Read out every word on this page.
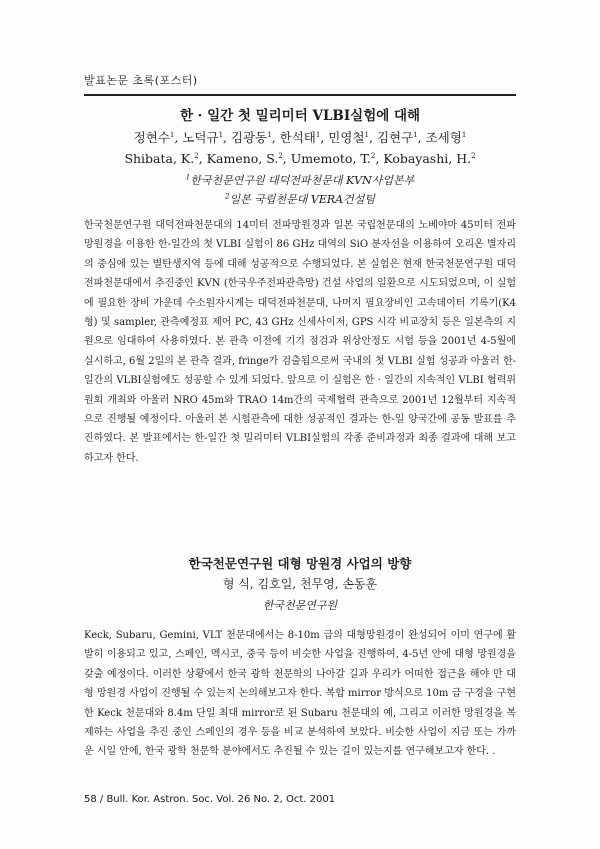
발표논문 초록(포스터)
한 · 일간 첫 밀리미터 VLBI실험에 대해
정현수$^1$, 노덕규$^1$, 김광동$^1$, 한석태$^1$, 민영철$^1$, 김현구$^1$, 조세형$^1$
Shibata, K.$^2$, Kameno, S.$^2$, Umemoto, T.$^2$, Kobayashi, H.$^2$
$^1$한국천문연구원 대덕전파천문대 KVN사업본부
$^2$일본 국립천문대 VERA건설팀

한국천문연구원 대덕전파천문대의 14미터 전파망원경과 일본 국립천문대의 노베야마 45미터 전파망원경을 이용한 한-일간의 첫 VLBI 실험이 86 GHz 대역의 SiO 분자선을 이용하여 오리온 별자리의 중심에 있는 별탄생지역 등에 대해 성공적으로 수행되었다. 본 실험은 현재 한국천문연구원 대덕전파천문대에서 추진중인 KVN (한국우주전파관측망) 건설 사업의 일환으로 시도되었으며, 이 실험에 필요한 장비 가운데 수소원자시계는 대덕전파천문대, 나머지 필요장비인 고속데이터 기록기(K4형) 및 sampler, 관측예정표 제어 PC, 43 GHz 신세사이저, GPS 시각 비교장치 등은 일본측의 지원으로 임대하여 사용하였다. 본 관측 이전에 기기 점검과 위상안정도 시험 등을 2001년 4-5월에 실시하고, 6월 2일의 본 관측 결과, fringe가 검출됨으로써 국내의 첫 VLBI 실험 성공과 아울러 한-일간의 VLBI실험에도 성공할 수 있게 되었다. 앞으로 이 실험은 한 · 일간의 지속적인 VLBI 협력위원회 개최와 아울러 NRO 45m와 TRAO 14m간의 국제협력 관측으로 2001년 12월부터 지속적으로 진행될 예정이다. 아울러 본 시험관측에 대한 성공적인 결과는 한-일 양국간에 공동 발표를 추진하였다. 본 발표에서는 한-일간 첫 밀리미터 VLBI실험의 각종 준비과정과 최종 결과에 대해 보고하고자 한다.

한국천문연구원 대형 망원경 사업의 방향
형 식, 김호일, 천무영, 손동훈
한국천문연구원

Keck, Subaru, Gemini, VLT 천문대에서는 8-10m 급의 대형망원경이 완성되어 이미 연구에 활발히 이용되고 있고, 스페인, 멕시코, 중국 등이 비슷한 사업을 진행하여, 4-5년 안에 대형 망원경을 갖출 예정이다. 이러한 상황에서 한국 광학 천문학의 나아갈 길과 우리가 어떠한 접근을 해야 만 대형 망원경 사업이 진행될 수 있는지 논의해보고자 한다. 복합 mirror 방식으로 10m 급 구경을 구현한 Keck 천문대와 8.4m 단일 최대 mirror로 된 Subaru 천문대의 예, 그리고 이러한 망원경을 복제하는 사업을 추진 중인 스페인의 경우 등을 비교 분석하여 보았다. 비슷한 사업이 지금 또는 가까운 시일 안에, 한국 광학 천문학 분야에서도 추진될 수 있는 길이 있는지를 연구해보고자 한다. .

58 / Bull. Kor. Astron. Soc. Vol. 26 No. 2, Oct. 2001
